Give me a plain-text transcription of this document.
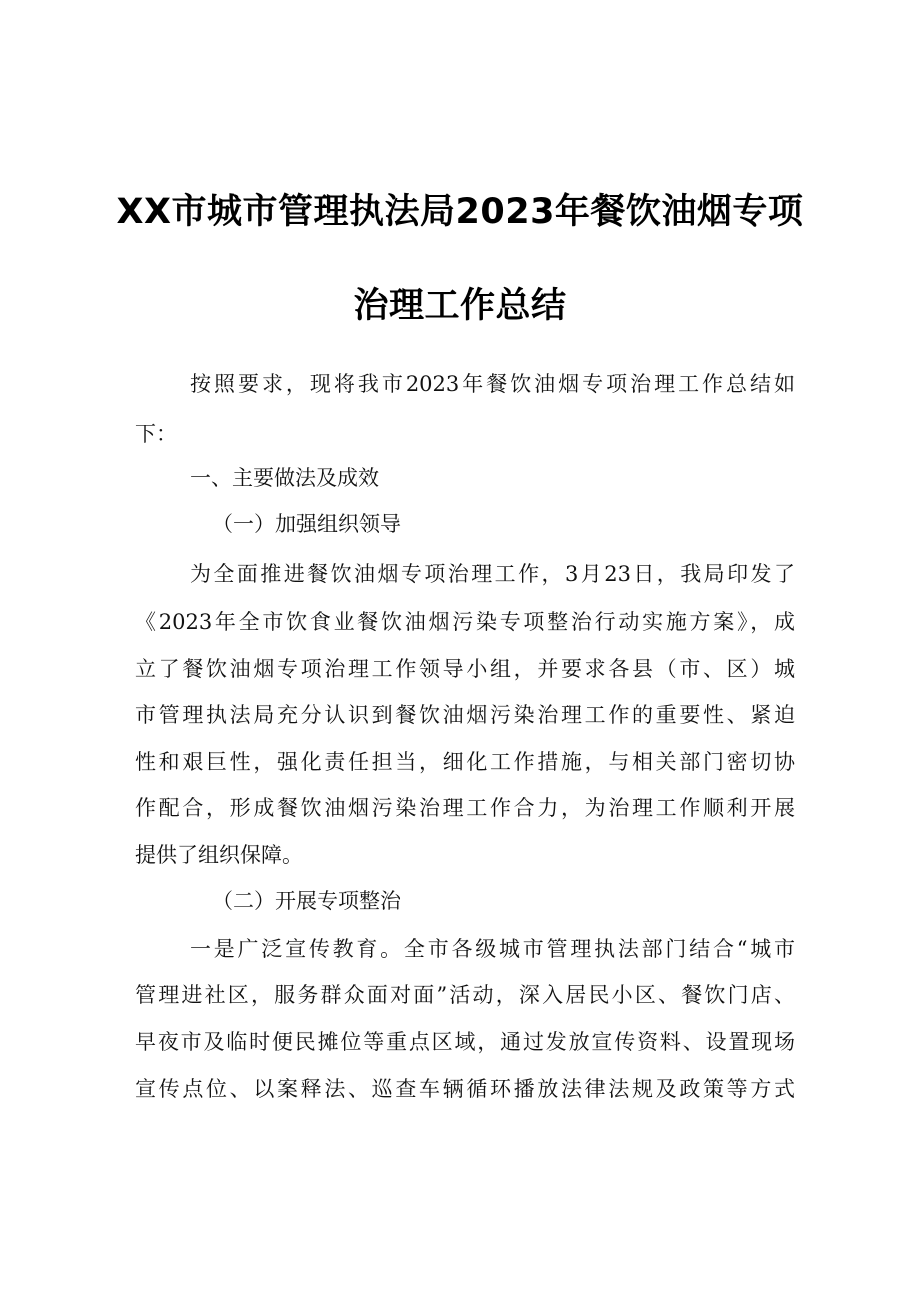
XX市城市管理执法局2023年餐饮油烟专项
治理工作总结
按照要求，现将我市2023年餐饮油烟专项治理工作总结如
下：
一、主要做法及成效
（一）加强组织领导
为全面推进餐饮油烟专项治理工作，3月23日，我局印发了
《2023年全市饮食业餐饮油烟污染专项整治行动实施方案》，成
立了餐饮油烟专项治理工作领导小组，并要求各县（市、区）城
市管理执法局充分认识到餐饮油烟污染治理工作的重要性、紧迫
性和艰巨性，强化责任担当，细化工作措施，与相关部门密切协
作配合，形成餐饮油烟污染治理工作合力，为治理工作顺利开展
提供了组织保障。
（二）开展专项整治
一是广泛宣传教育。全市各级城市管理执法部门结合“城市
管理进社区，服务群众面对面”活动，深入居民小区、餐饮门店、
早夜市及临时便民摊位等重点区域，通过发放宣传资料、设置现场
宣传点位、以案释法、巡查车辆循环播放法律法规及政策等方式
